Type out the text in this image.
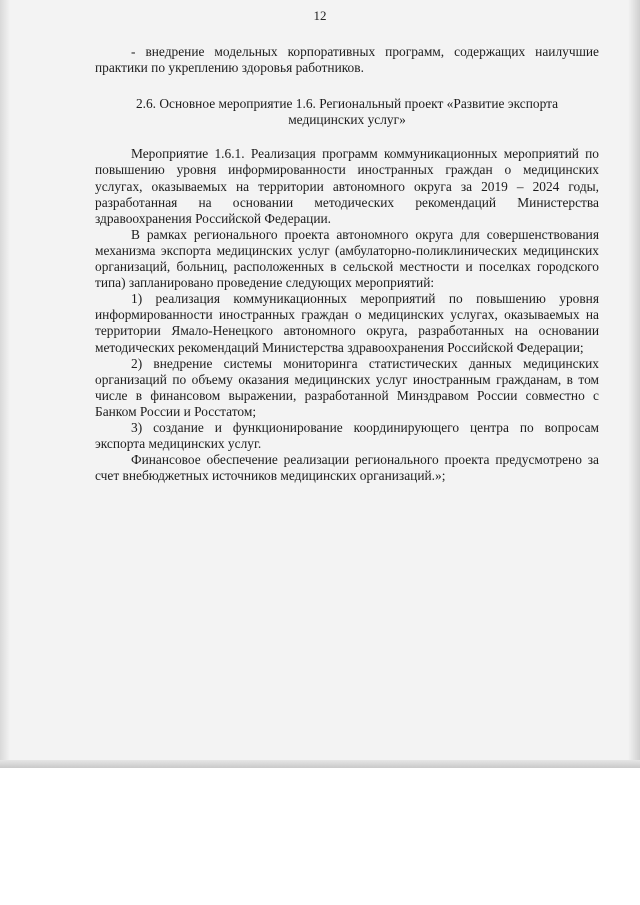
12

- внедрение модельных корпоративных программ, содержащих наилучшие практики по укреплению здоровья работников.

2.6. Основное мероприятие 1.6. Региональный проект «Развитие экспорта медицинских услуг»

Мероприятие 1.6.1. Реализация программ коммуникационных мероприятий по повышению уровня информированности иностранных граждан о медицинских услугах, оказываемых на территории автономного округа за 2019 – 2024 годы, разработанная на основании методических рекомендаций Министерства здравоохранения Российской Федерации.

В рамках регионального проекта автономного округа для совершенствования механизма экспорта медицинских услуг (амбулаторно-поликлинических медицинских организаций, больниц, расположенных в сельской местности и поселках городского типа) запланировано проведение следующих мероприятий:

1) реализация коммуникационных мероприятий по повышению уровня информированности иностранных граждан о медицинских услугах, оказываемых на территории Ямало-Ненецкого автономного округа, разработанных на основании методических рекомендаций Министерства здравоохранения Российской Федерации;

2) внедрение системы мониторинга статистических данных медицинских организаций по объему оказания медицинских услуг иностранным гражданам, в том числе в финансовом выражении, разработанной Минздравом России совместно с Банком России и Росстатом;

3) создание и функционирование координирующего центра по вопросам экспорта медицинских услуг.

Финансовое обеспечение реализации регионального проекта предусмотрено за счет внебюджетных источников медицинских организаций.»;
